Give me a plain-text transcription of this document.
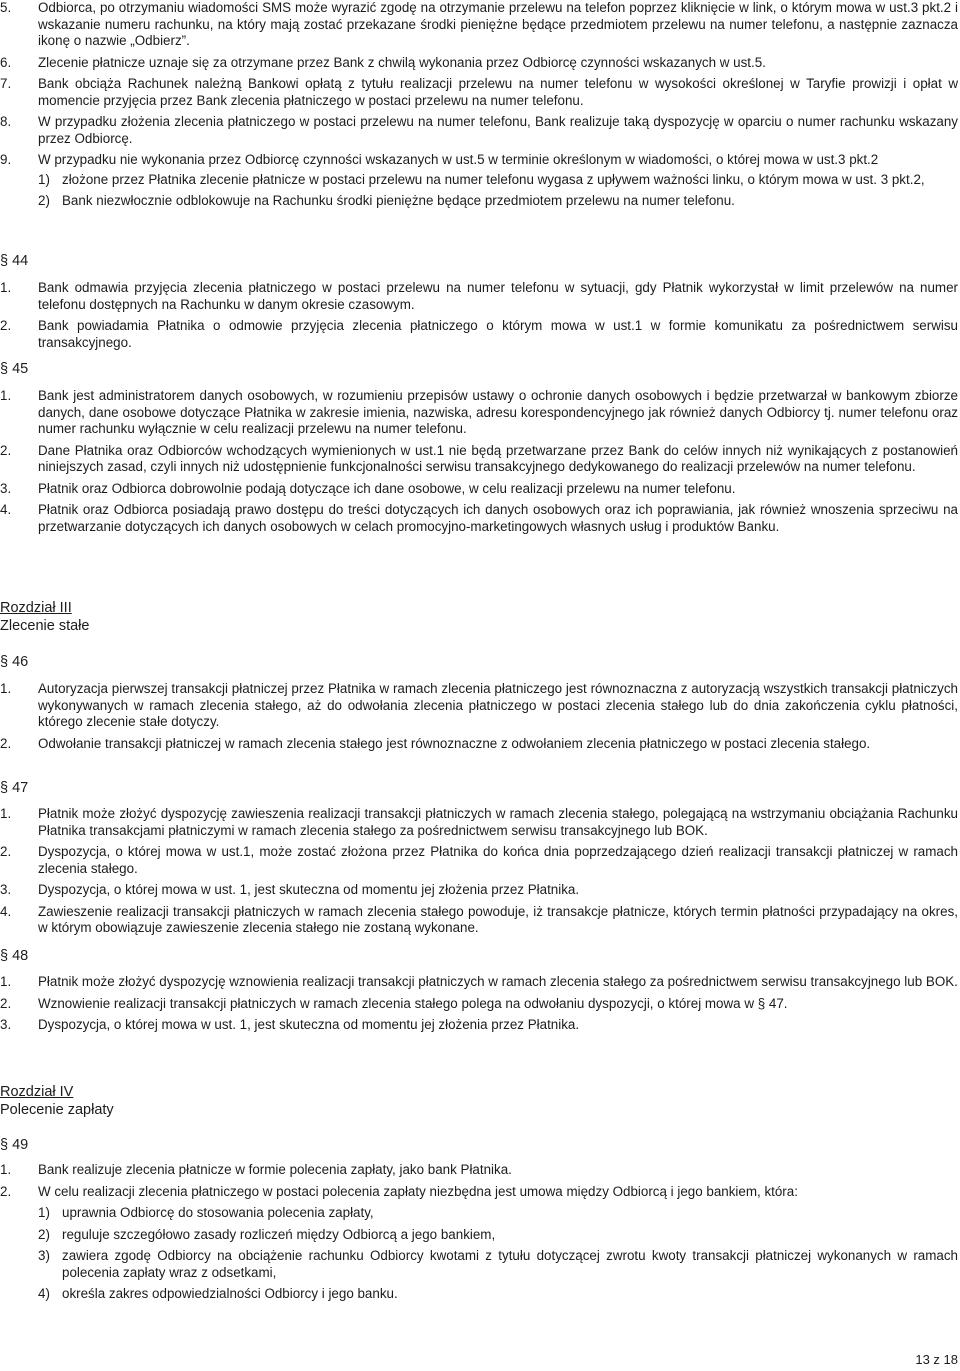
5. Odbiorca, po otrzymaniu wiadomości SMS może wyrazić zgodę na otrzymanie przelewu na telefon poprzez kliknięcie w link, o którym mowa w ust.3 pkt.2 i wskazanie numeru rachunku, na który mają zostać przekazane środki pieniężne będące przedmiotem przelewu na numer telefonu, a następnie zaznacza ikonę o nazwie „Odbierz”.
6. Zlecenie płatnicze uznaje się za otrzymane przez Bank z chwilą wykonania przez Odbiorcę czynności wskazanych w ust.5.
7. Bank obciąża Rachunek należną Bankowi opłatą z tytułu realizacji przelewu na numer telefonu w wysokości określonej w Taryfie prowizji i opłat w momencie przyjęcia przez Bank zlecenia płatniczego w postaci przelewu na numer telefonu.
8. W przypadku złożenia zlecenia płatniczego w postaci przelewu na numer telefonu, Bank realizuje taką dyspozycję w oparciu o numer rachunku wskazany przez Odbiorcę.
9. W przypadku nie wykonania przez Odbiorcę czynności wskazanych w ust.5 w terminie określonym w wiadomości, o której mowa w ust.3 pkt.2
1) złożone przez Płatnika zlecenie płatnicze w postaci przelewu na numer telefonu wygasa z upływem ważności linku, o którym mowa w ust. 3 pkt.2,
2) Bank niezwłocznie odblokowuje na Rachunku środki pieniężne będące przedmiotem przelewu na numer telefonu.
§ 44
1. Bank odmawia przyjęcia zlecenia płatniczego w postaci przelewu na numer telefonu w sytuacji, gdy Płatnik wykorzystał w limit przelewów na numer telefonu dostępnych na Rachunku w danym okresie czasowym.
2. Bank powiadamia Płatnika o odmowie przyjęcia zlecenia płatniczego o którym mowa w ust.1 w formie komunikatu za pośrednictwem serwisu transakcyjnego.
§ 45
1. Bank jest administratorem danych osobowych, w rozumieniu przepisów ustawy o ochronie danych osobowych i będzie przetwarzał w bankowym zbiorze danych, dane osobowe dotyczące Płatnika w zakresie imienia, nazwiska, adresu korespondencyjnego jak również danych Odbiorcy tj. numer telefonu oraz numer rachunku wyłącznie w celu realizacji przelewu na numer telefonu.
2. Dane Płatnika oraz Odbiorców wchodzących wymienionych w ust.1 nie będą przetwarzane przez Bank do celów innych niż wynikających z postanowień niniejszych zasad, czyli innych niż udostępnienie funkcjonalności serwisu transakcyjnego dedykowanego do realizacji przelewów na numer telefonu.
3. Płatnik oraz Odbiorca dobrowolnie podają dotyczące ich dane osobowe, w celu realizacji przelewu na numer telefonu.
4. Płatnik oraz Odbiorca posiadają prawo dostępu do treści dotyczących ich danych osobowych oraz ich poprawiania, jak również wnoszenia sprzeciwu na przetwarzanie dotyczących ich danych osobowych w celach promocyjno-marketingowych własnych usług i produktów Banku.
Rozdział III
Zlecenie stałe
§ 46
1. Autoryzacja pierwszej transakcji płatniczej przez Płatnika w ramach zlecenia płatniczego jest równoznaczna z autoryzacją wszystkich transakcji płatniczych wykonywanych w ramach zlecenia stałego, aż do odwołania zlecenia płatniczego w postaci zlecenia stałego lub do dnia zakończenia cyklu płatności, którego zlecenie stałe dotyczy.
2. Odwołanie transakcji płatniczej w ramach zlecenia stałego jest równoznaczne z odwołaniem zlecenia płatniczego w postaci zlecenia stałego.
§ 47
1. Płatnik może złożyć dyspozycję zawieszenia realizacji transakcji płatniczych w ramach zlecenia stałego, polegającą na wstrzymaniu obciążania Rachunku Płatnika transakcjami płatniczymi w ramach zlecenia stałego za pośrednictwem serwisu transakcyjnego lub BOK.
2. Dyspozycja, o której mowa w ust.1, może zostać złożona przez Płatnika do końca dnia poprzedzającego dzień realizacji transakcji płatniczej w ramach zlecenia stałego.
3. Dyspozycja, o której mowa w ust. 1, jest skuteczna od momentu jej złożenia przez Płatnika.
4. Zawieszenie realizacji transakcji płatniczych w ramach zlecenia stałego powoduje, iż transakcje płatnicze, których termin płatności przypadający na okres, w którym obowiązuje zawieszenie zlecenia stałego nie zostaną wykonane.
§ 48
1. Płatnik może złożyć dyspozycję wznowienia realizacji transakcji płatniczych w ramach zlecenia stałego za pośrednictwem serwisu transakcyjnego lub BOK.
2. Wznowienie realizacji transakcji płatniczych w ramach zlecenia stałego polega na odwołaniu dyspozycji, o której mowa w § 47.
3. Dyspozycja, o której mowa w ust. 1, jest skuteczna od momentu jej złożenia przez Płatnika.
Rozdział IV
Polecenie zapłaty
§ 49
1. Bank realizuje zlecenia płatnicze w formie polecenia zapłaty, jako bank Płatnika.
2. W celu realizacji zlecenia płatniczego w postaci polecenia zapłaty niezbędna jest umowa między Odbiorcą i jego bankiem, która:
1) uprawnia Odbiorcę do stosowania polecenia zapłaty,
2) reguluje szczegółowo zasady rozliczeń między Odbiorcą a jego bankiem,
3) zawiera zgodę Odbiorcy na obciążenie rachunku Odbiorcy kwotami z tytułu dotyczącej zwrotu kwoty transakcji płatniczej wykonanych w ramach polecenia zapłaty wraz z odsetkami,
4) określa zakres odpowiedzialności Odbiorcy i jego banku.
13 z 18
